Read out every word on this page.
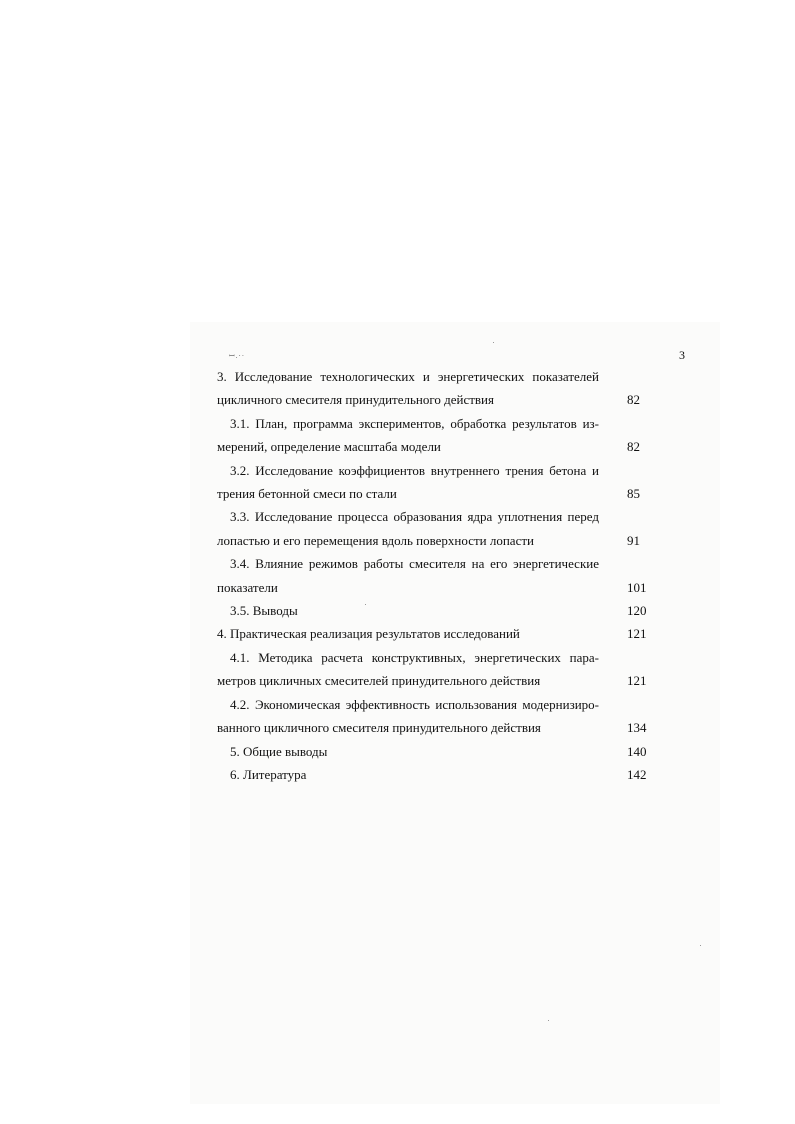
ꟷ.··	3
3. Исследование технологических и энергетических показателей
цикличного смесителя принудительного действия	82
3.1. План, программа экспериментов, обработка результатов из-
мерений, определение масштаба модели	82
3.2. Исследование коэффициентов внутреннего трения бетона и
трения бетонной смеси по стали	85
3.3. Исследование процесса образования ядра уплотнения перед
лопастью и его перемещения вдоль поверхности лопасти	91
3.4. Влияние режимов работы смесителя на его энергетические
показатели	101
3.5. Выводы	120
4. Практическая реализация результатов исследований	121
4.1. Методика расчета конструктивных, энергетических пара-
метров цикличных смесителей принудительного действия	121
4.2. Экономическая эффективность использования модернизиро-
ванного цикличного смесителя принудительного действия	134
5. Общие выводы	140
6. Литература	142
